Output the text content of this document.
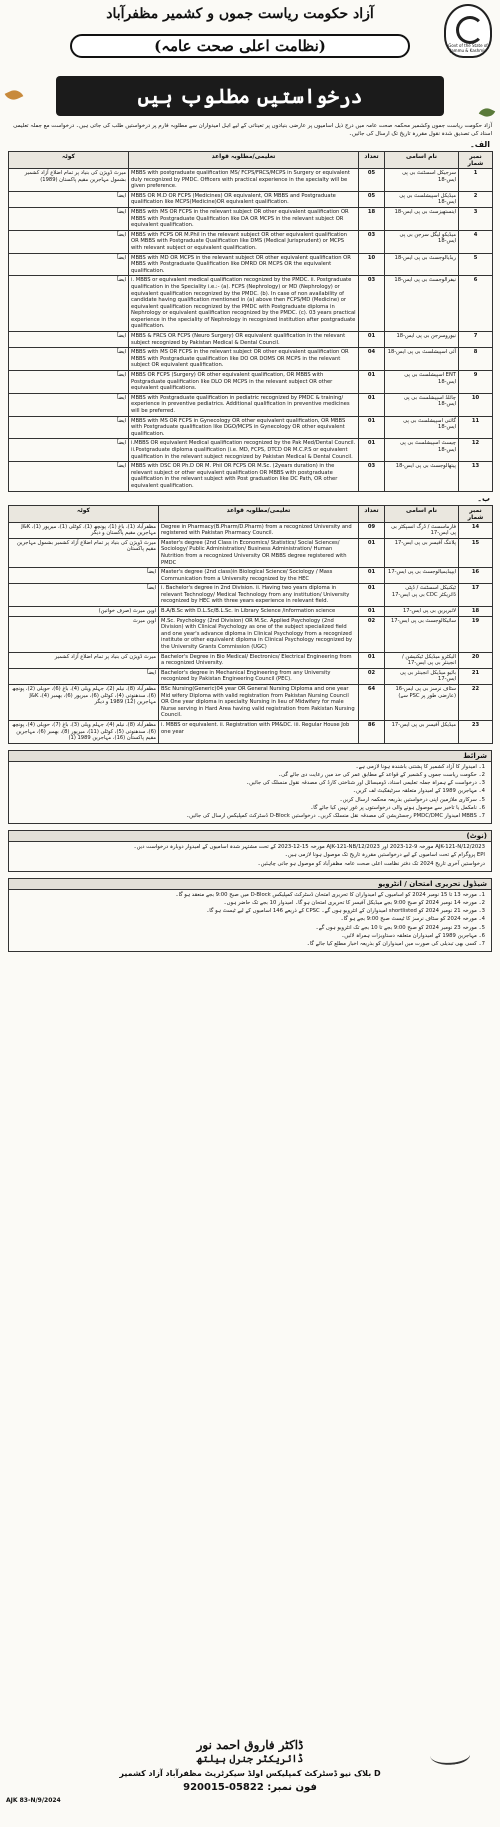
Govt of the State of Jammu & Kashmir
آزاد حکومت ریاست جموں و کشمیر مظفرآباد
(نظامت اعلی صحت عامہ)
درخواستیں مطلوب ہیں
آزاد حکومت ریاست جموں وکشمیر محکمہ صحت عامہ میں درج ذیل اسامیوں پر عارضی بنیادوں پر تعیناتی کے لیے اہل امیدواران سے مطلوبہ فارم پر درخواستیں طلب کی جاتی ہیں۔ درخواست مع جملہ تعلیمی اسناد کی تصدیق شدہ نقول مقررہ تاریخ تک ارسال کی جائیں۔
الف۔
نمبر شمار	نام اسامی	تعداد	تعلیمی/مطلوبہ قواعد	کوٹہ
1	سرجیکل اسسٹنٹ بی پی ایس-18	05	MBBS with postgraduate qualification MS/ FCPS/FRCS/MCPS in Surgery or equivalent duly recognized by PMDC. Officers with practical experience in the specialty will be given preference.	میرٹ ڈویژن کی بنیاد پر تمام اضلاع آزاد کشمیر بشمول مہاجرین مقیم پاکستان (1989)
2	میڈیکل اسپیشلسٹ بی پی ایس-18	05	MBBS OR M.D OR FCPS (Medicines) OR equivalent, OR MBBS and Postgraduate qualification like MCPS(Medicine)OR equivalent qualification.	ایضاً
3	اینستھیزسٹ بی پی ایس-18	18	MBBS with MS OR FCPS in the relevant subject OR other equivalent qualification OR MBBS with Postgraduate Qualification like DA OR MCPS in the relevant subject OR equivalent qualification.	ایضاً
4	میڈیکو لیگل سرجن بی پی ایس-18	03	MBBS with FCPS OR M.Phil in the relevant subject OR other equivalent qualification OR MBBS with Postgraduate Qualification like DMS (Medical Jurisprudent) or MCPS with relevant subject or equivalent qualification.	ایضاً
5	ریڈیالوجسٹ بی پی ایس-18	10	MBBS with MD OR MCPS in the relevant subject OR other equivalent qualification OR MBBS with Postgraduate Qualification like DMRD OR MCPS OR the equivalent qualification.	ایضاً
6	نیفرالوجسٹ بی پی ایس-18	03	i. MBBS or equivalent medical qualification recognized by the PMDC. ii. Postgraduate qualification in the Speciality i.e.:- (a). FCPS (Nephrology) or MD (Nephrology) or equivalent qualification recognized by the PMDC. (b). In case of non availability of candidate having qualification mentioned in (a) above then FCPS/MD (Medicine) or equivalent qualification recognized by the PMDC with Postgraduate diploma in Nephrology or equivalent qualification recognized by the PMDC. (c). 03 years practical experience in the speciality of Nephrology in recognized institution after postgraduate qualification.	ایضاً
7	نیوروسرجن بی پی ایس-18	01	MBBS & FRCS OR FCPS (Neuro Surgery) OR equivalent qualification in the relevant subject recognized by Pakistan Medical & Dental Council.	ایضاً
8	آئی اسپیشلسٹ بی پی ایس-18	04	MBBS with MS OR FCPS in the relevant subject OR other equivalent qualification OR MBBS with Postgraduate qualification like DO OR DOMS OR MCPS in the relevant subject OR equivalent qualification.	ایضاً
9	ENT اسپیشلسٹ بی پی ایس-18	01	MBBS OR FCPS (Surgery) OR other equivalent qualification, OR MBBS with Postgraduate qualification like DLO OR MCPS in the relevant subject OR other equivalent qualifications.	ایضاً
10	چائلڈ اسپیشلسٹ بی پی ایس-18	01	MBBS with Postgraduate qualification in pediatric recognized by PMDC & training/ experience in preventive pediatrics. Additional qualification in preventive medicines will be preferred.	ایضاً
11	گائنی اسپیشلسٹ بی پی ایس-18	01	MBBS with MS OR FCPS in Gynecology OR other equivalent qualification, OR MBBS with Postgraduate qualification like DGO/MCPS in Gynecology OR other equivalent qualification.	ایضاً
12	چیسٹ اسپیشلسٹ بی پی ایس-18	01	i.MBBS OR equivalent Medical qualification recognized by the Pak Med/Dental Council. ii.Postgraduate diploma qualification (i.e. MD, FCPS, DTCD OR M.C.P.S or equivalent qualification in the relevant subject recognized by Pakistan Medical & Dental Council.	ایضاً
13	پیتھالوجسٹ بی پی ایس-18	03	MBBS with DSC OR Ph.D OR M. Phil OR FCPS OR M.Sc. (2years duration) in the relevant subject or other equivalent qualification OR MBBS with postgraduate qualification in the relevant subject with Post graduation like DC Path, OR other equivalent qualification.	ایضاً
ب۔
نمبر شمار	نام اسامی	تعداد	تعلیمی/مطلوبہ قواعد	کوٹہ
14	فارماسسٹ / ڈرگ انسپکٹر بی پی ایس-17	09	Degree in Pharmacy(B.Pharm/D.Pharm) from a recognized University and registered with Pakistan Pharmacy Council.	مظفرآباد (1)، باغ (1)، پونچھ (1)، کوٹلی (1)، میرپور (1)، J&K مہاجرین مقیم پاکستان و دیگر
15	پلاننگ آفیسر بی پی ایس-17	01	Master's degree (2nd Class in Economics/ Statistics/ Social Sciences/ Sociology/ Public Administration/ Business Administration/ Human Nutrition from a recognized University OR MBBS degree registered with PMDC	میرٹ ڈویژن کی بنیاد پر تمام اضلاع آزاد کشمیر بشمول مہاجرین مقیم پاکستان
16	ایپیڈیمیالوجسٹ بی پی ایس-17	01	Master's degree (2nd class)in Biological Science/ Sociology / Mass Communication from a University recognized by the HEC	ایضاً
17	ٹیکنیکل اسسٹنٹ / ڈپٹی ڈائریکٹر CDC بی پی ایس-17	01	i. Bachelor's degree in 2nd Division. ii. Having two years diploma in relevant Technology/ Medical Technology from any institution/ University recognized by HEC with three years experience in relevant field.	ایضاً
18	لائبریرین بی پی ایس-17	01	B.A/B.Sc with D.L.Sc/B.L.Sc. in Library Science /information science	اوپن میرٹ (صرف خواتین)
19	سائیکالوجسٹ بی پی ایس-17	02	M.Sc. Psychology (2nd Division) OR M.Sc. Applied Psychology (2nd Division) with Clinical Psychology as one of the subject specialized field and one year's advance diploma in Clinical Psychology from a recognized institute or other equivalent diploma in Clinical Psychology recognized by the University Grants Commission (UGC)	اوپن میرٹ
20	الیکٹرو میڈیکل ٹیکنیشن / انجینئر بی پی ایس-17	01	Bachelor's Degree in Bio Medical/ Electronics/ Electrical Engineering from a recognized University.	میرٹ ڈویژن کی بنیاد پر تمام اضلاع آزاد کشمیر
21	بائیو میڈیکل انجینئر بی پی ایس-17	02	Bachelor's degree in Mechanical Engineering from any University recognized by Pakistan Engineering Council (PEC).	ایضاً
22	سٹاف نرسز بی پی ایس-16 (عارضی طور پر PSC سے)	64	BSc Nursing(Generic)04 year OR General Nursing Diploma and one year Mid wifery Diploma with valid registration from Pakistan Nursing Council OR One year diploma in specialty Nursing in lieu of Midwifery for male Nurse serving in Hard Area having valid registration from Pakistan Nursing Council.	مظفرآباد (8)، نیلم (2)، جہلم ویلی (4)، باغ (6)، حویلی (2)، پونچھ (6)، سدھنوتی (4)، کوٹلی (6)، میرپور (6)، بھمبر (4)، J&K مہاجرین (12) 1989 و دیگر
23	میڈیکل آفیسر بی پی ایس-17	86	i. MBBS or equivalent. ii. Registration with PM&DC. iii. Regular House Job one year	مظفرآباد (8)، نیلم (4)، جہلم ویلی (3)، باغ (7)، حویلی (4)، پونچھ (6)، سدھنوتی (5)، کوٹلی (11)، میرپور (8)، بھمبر (6)، مہاجرین مقیم پاکستان (16)، مہاجرین 1989 (1)
شرائط

1۔ امیدوار کا آزاد کشمیر کا پشتنی باشندہ ہونا لازمی ہے۔

2۔ حکومت ریاست جموں و کشمیر کے قواعد کے مطابق عمر کی حد میں رعایت دی جائے گی۔

3۔ درخواست کے ہمراہ جملہ تعلیمی اسناد، ڈومیسائل اور شناختی کارڈ کی مصدقہ نقول منسلک کی جائیں۔

4۔ مہاجرین 1989 کے امیدوار متعلقہ سرٹیفکیٹ لف کریں۔

5۔ سرکاری ملازمین اپنی درخواستیں بذریعہ محکمہ ارسال کریں۔

6۔ نامکمل یا تاخیر سے موصول ہونے والی درخواستوں پر غور نہیں کیا جائے گا۔

7۔ MBBS امیدوار PMDC/DMC رجسٹریشن کی مصدقہ نقل منسلک کریں۔ درخواستیں D-Block ڈسٹرکٹ کمپلیکس ارسال کی جائیں۔

(نوٹ)

AJK-121-N/12/2023 مورخہ 9-12-2023 اور AJK-121-NB/12/2023 مورخہ 15-12-2023 کے تحت مشتہر شدہ اسامیوں کے امیدوار دوبارہ درخواست دیں۔

EPI پروگرام کے تحت اسامیوں کے لیے درخواستیں مقررہ تاریخ تک موصول ہونا لازمی ہیں۔

درخواستیں آخری تاریخ 2024 تک دفتر نظامت اعلی صحت عامہ مظفرآباد کو موصول ہو جانی چاہئیں۔

شیڈول تحریری امتحان / انٹرویو

1۔ مورخہ 13 تا 15 نومبر 2024 کو اسامیوں کے امیدواران کا تحریری امتحان ڈسٹرکٹ کمپلیکس D-Block میں صبح 9:00 بجے منعقد ہو گا۔

2۔ مورخہ 14 نومبر 2024 کو صبح 9:00 بجے میڈیکل آفیسر کا تحریری امتحان ہو گا۔ امیدوار 10 بجے تک حاضر ہوں۔

3۔ مورخہ 21 نومبر 2024 کو shortlisted امیدواران کے انٹرویو ہوں گے۔ CPSC کے ذریعے 146 اسامیوں کے لیے ٹیسٹ ہو گا۔

4۔ مورخہ 2024 کو سٹاف نرسز کا ٹیسٹ صبح 9:00 بجے ہو گا۔

5۔ مورخہ 23 نومبر 2024 کو صبح 9:00 بجے تا 10 بجے تک انٹرویو ہوں گے۔

6۔ مہاجرین 1989 کے امیدواران متعلقہ دستاویزات ہمراہ لائیں۔

7۔ کسی بھی تبدیلی کی صورت میں امیدواران کو بذریعہ اخبار مطلع کیا جائے گا۔

ڈاکٹر فاروق احمد نور
ڈائریکٹر جنرل ہیلتھ
D بلاک نیو ڈسٹرکٹ کمپلیکس اولڈ سیکرٹریٹ مظفرآباد آزاد کشمیر
فون نمبر: 05822-920015
AJK 83-N/9/2024
